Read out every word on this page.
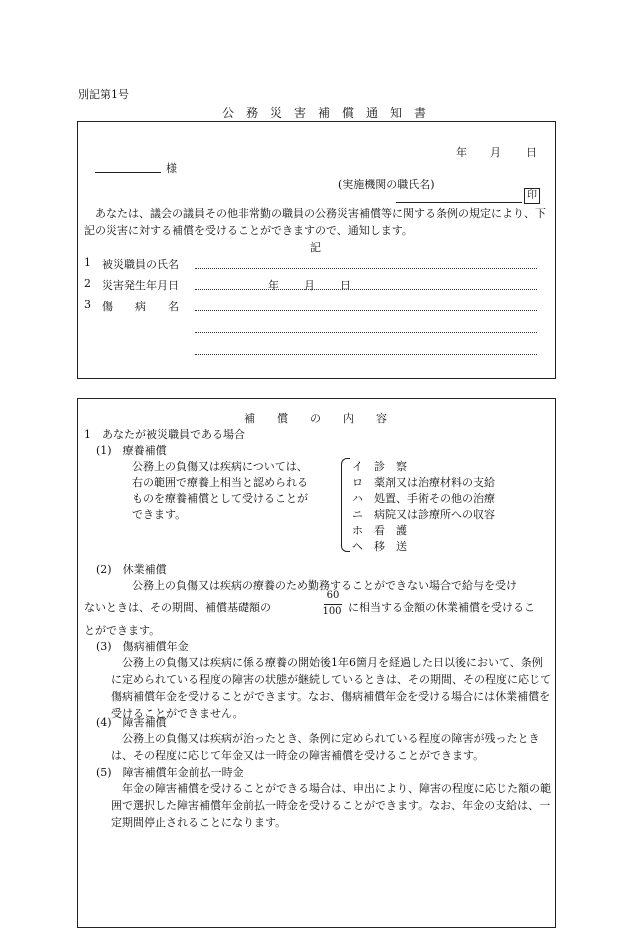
別記第1号
公　務　災　害　補　償　通　知　書
年 月 日
様
(実施機関の職氏名)
印
あなたは、議会の議員その他非常勤の職員の公務災害補償等に関する条例の規定により、下記の災害に対する補償を受けることができますので、通知します。
記
1 被災職員の氏名
2 災害発生年月日	年 月 日
3 傷　　病　　名
補　　償　　の　　内　　容
1　あなたが被災職員である場合
(1)　療養補償
公務上の負傷又は疾病については、
右の範囲で療養上相当と認められる
ものを療養補償として受けることが
できます。
イ　診　察
ロ　薬剤又は治療材料の支給
ハ　処置、手術その他の治療
ニ　病院又は診療所への収容
ホ　看　護
ヘ　移　送
(2)　休業補償
公務上の負傷又は疾病の療養のため勤務することができない場合で給与を受け
ないときは、その期間、補償基礎額の
60
100 に相当する金額の休業補償を受けるこ
とができます。
(3)　傷病補償年金
公務上の負傷又は疾病に係る療養の開始後1年6箇月を経過した日以後において、条例に定められている程度の障害の状態が継続しているときは、その期間、その程度に応じて傷病補償年金を受けることができます。なお、傷病補償年金を受ける場合には休業補償を受けることができません。
(4)　障害補償
公務上の負傷又は疾病が治ったとき、条例に定められている程度の障害が残ったときは、その程度に応じて年金又は一時金の障害補償を受けることができます。
(5)　障害補償年金前払一時金
年金の障害補償を受けることができる場合は、申出により、障害の程度に応じた額の範囲で選択した障害補償年金前払一時金を受けることができます。なお、年金の支給は、一定期間停止されることになります。
